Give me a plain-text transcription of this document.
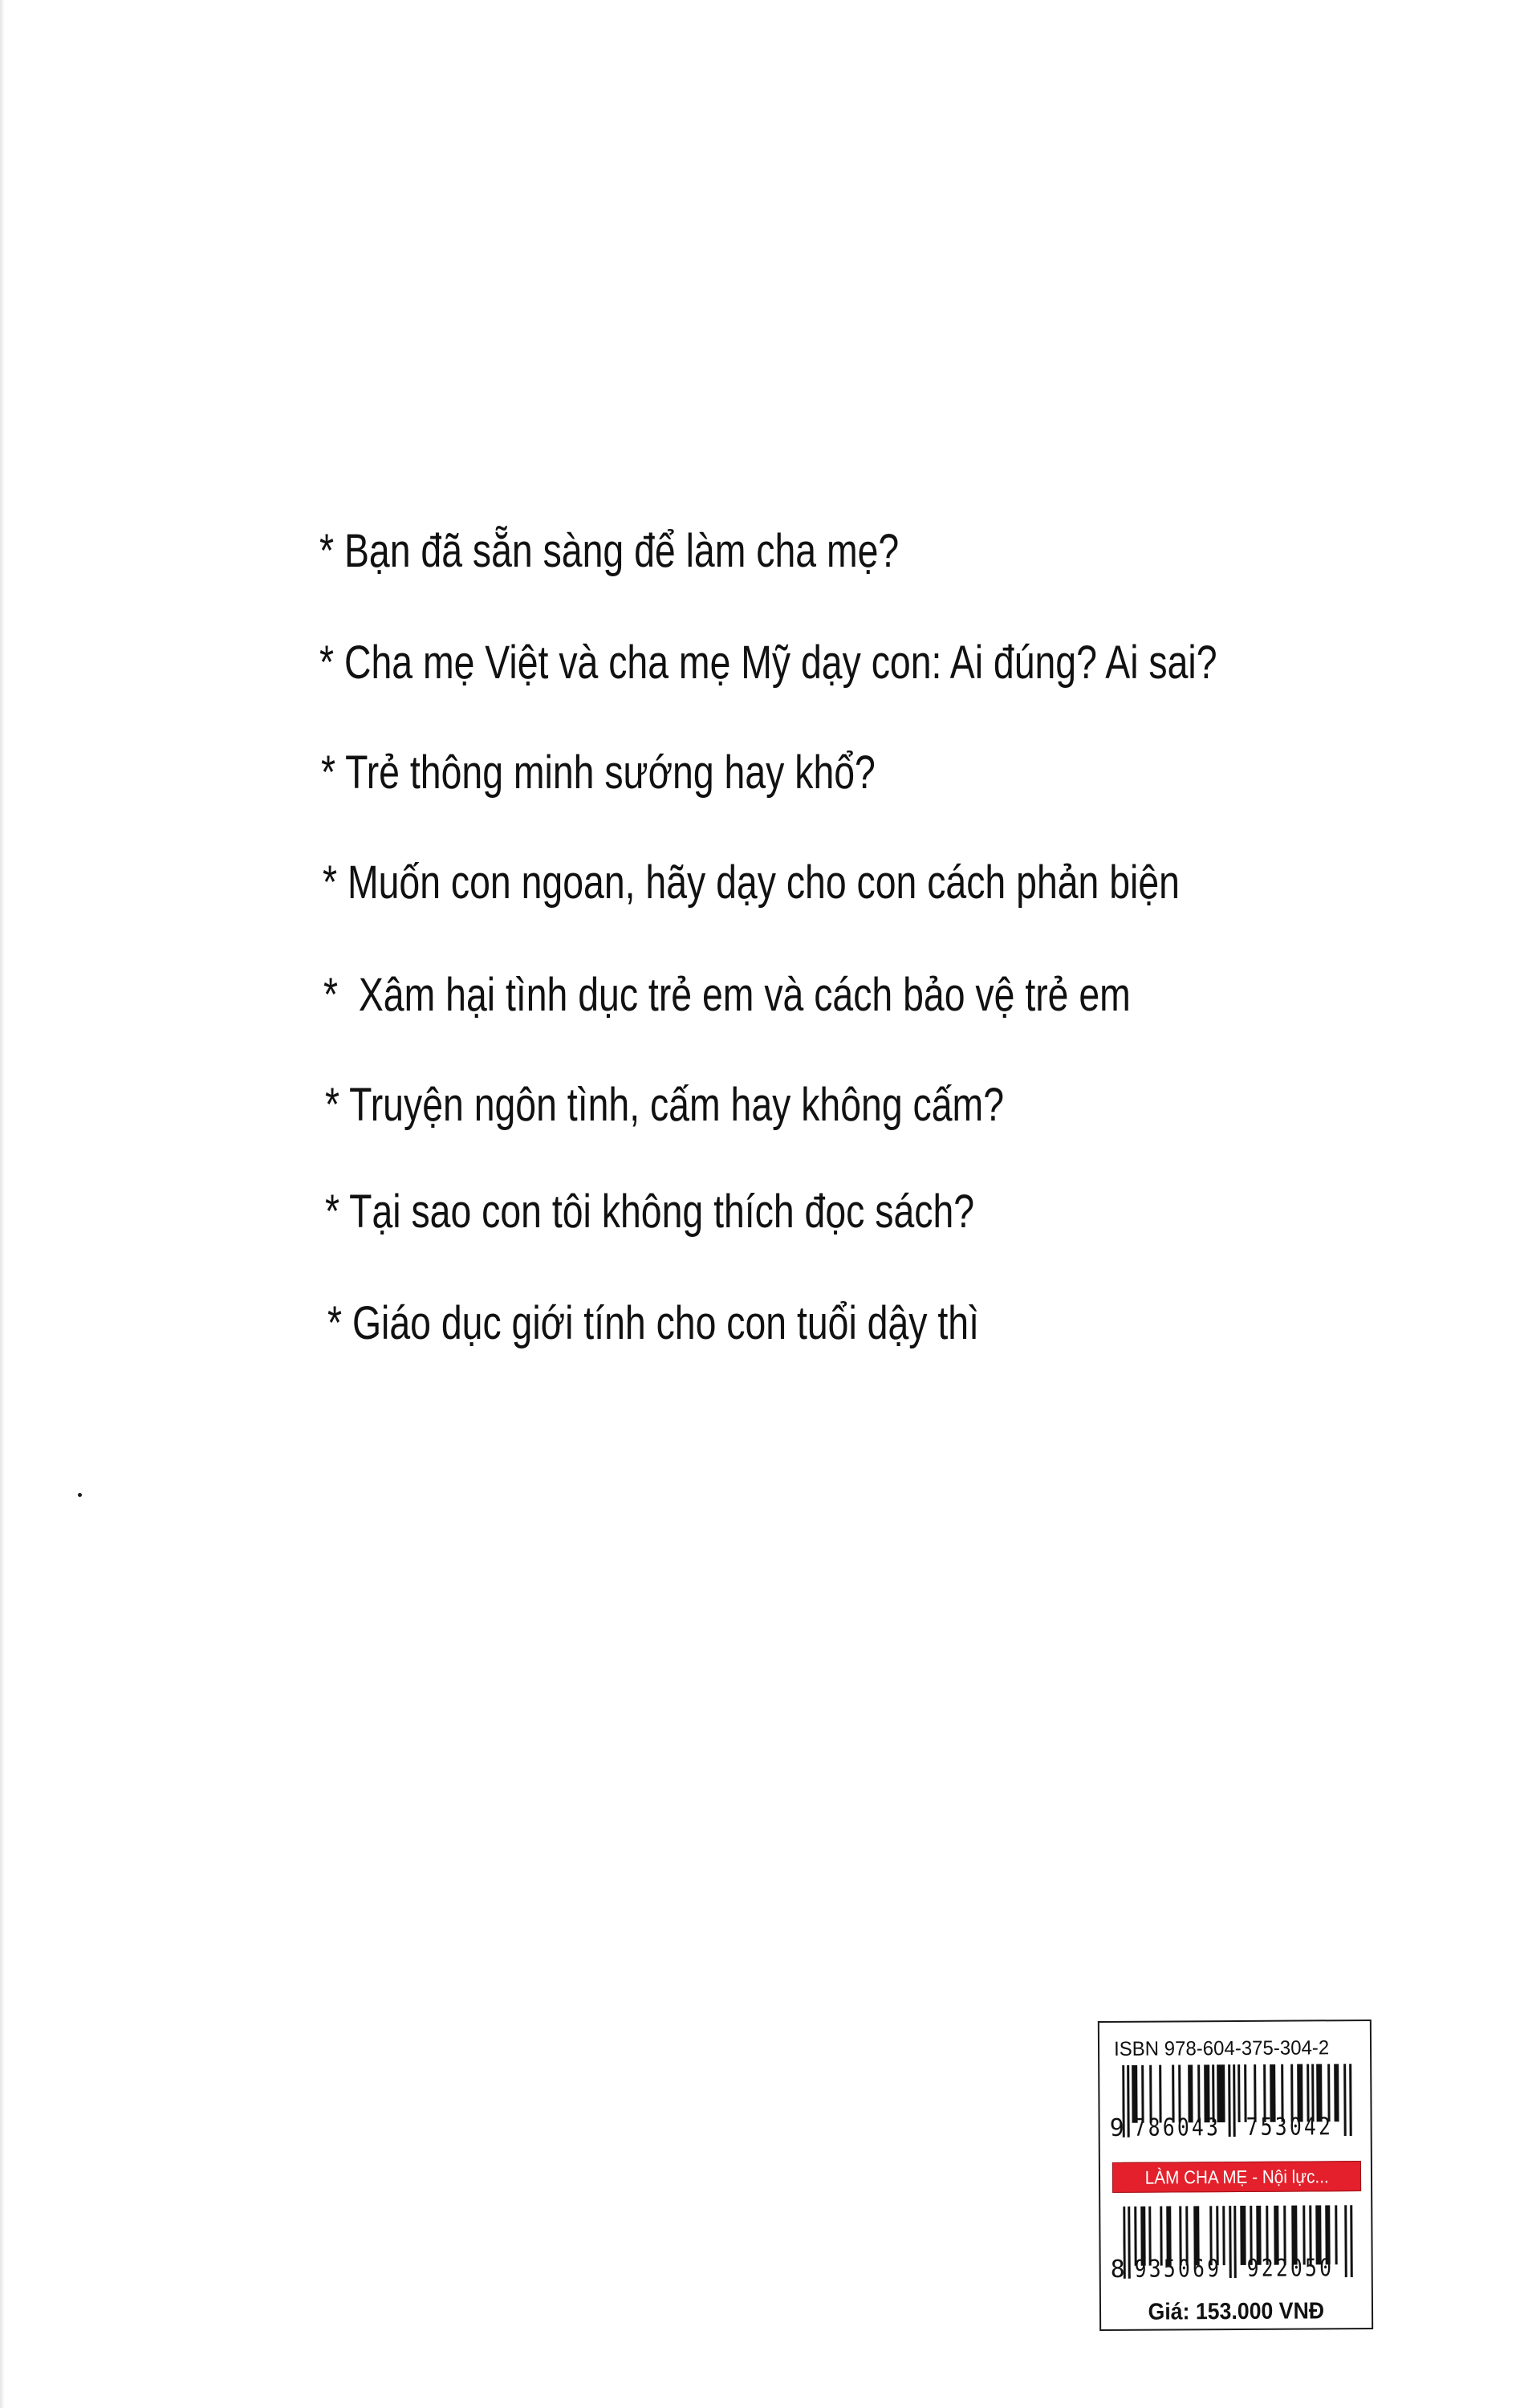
* Bạn đã sẵn sàng để làm cha mẹ?
* Cha mẹ Việt và cha mẹ Mỹ dạy con: Ai đúng? Ai sai?
* Trẻ thông minh sướng hay khổ?
* Muốn con ngoan, hãy dạy cho con cách phản biện
*  Xâm hại tình dục trẻ em và cách bảo vệ trẻ em
* Truyện ngôn tình, cấm hay không cấm?
* Tại sao con tôi không thích đọc sách?
* Giáo dục giới tính cho con tuổi dậy thì
ISBN 978-604-375-304-2

9

786043

753042

LÀM CHA MẸ - Nội lực...

8

935069

922050

Giá: 153.000 VNĐ
